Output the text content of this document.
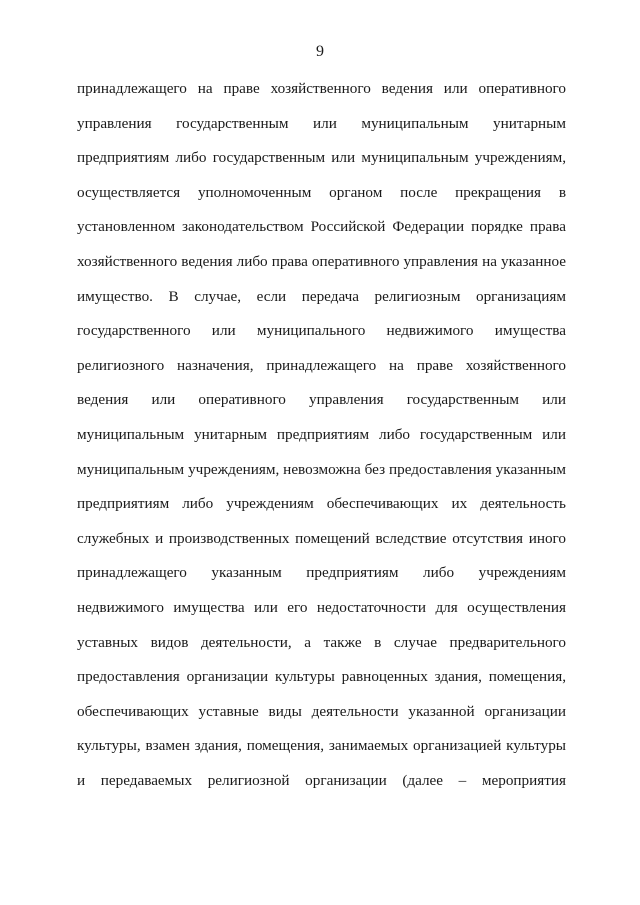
9
принадлежащего на праве хозяйственного ведения или оперативного
управления государственным или муниципальным унитарным
предприятиям либо государственным или муниципальным учреждениям,
осуществляется уполномоченным органом после прекращения в
установленном законодательством Российской Федерации порядке права
хозяйственного ведения либо права оперативного управления на указанное
имущество. В случае, если передача религиозным организациям
государственного или муниципального недвижимого имущества
религиозного назначения, принадлежащего на праве хозяйственного
ведения или оперативного управления государственным или
муниципальным унитарным предприятиям либо государственным или
муниципальным учреждениям, невозможна без предоставления указанным
предприятиям либо учреждениям обеспечивающих их деятельность
служебных и производственных помещений вследствие отсутствия иного
принадлежащего указанным предприятиям либо учреждениям
недвижимого имущества или его недостаточности для осуществления
уставных видов деятельности, а также в случае предварительного
предоставления организации культуры равноценных здания, помещения,
обеспечивающих уставные виды деятельности указанной организации
культуры, взамен здания, помещения, занимаемых организацией культуры
и передаваемых религиозной организации (далее – мероприятия
